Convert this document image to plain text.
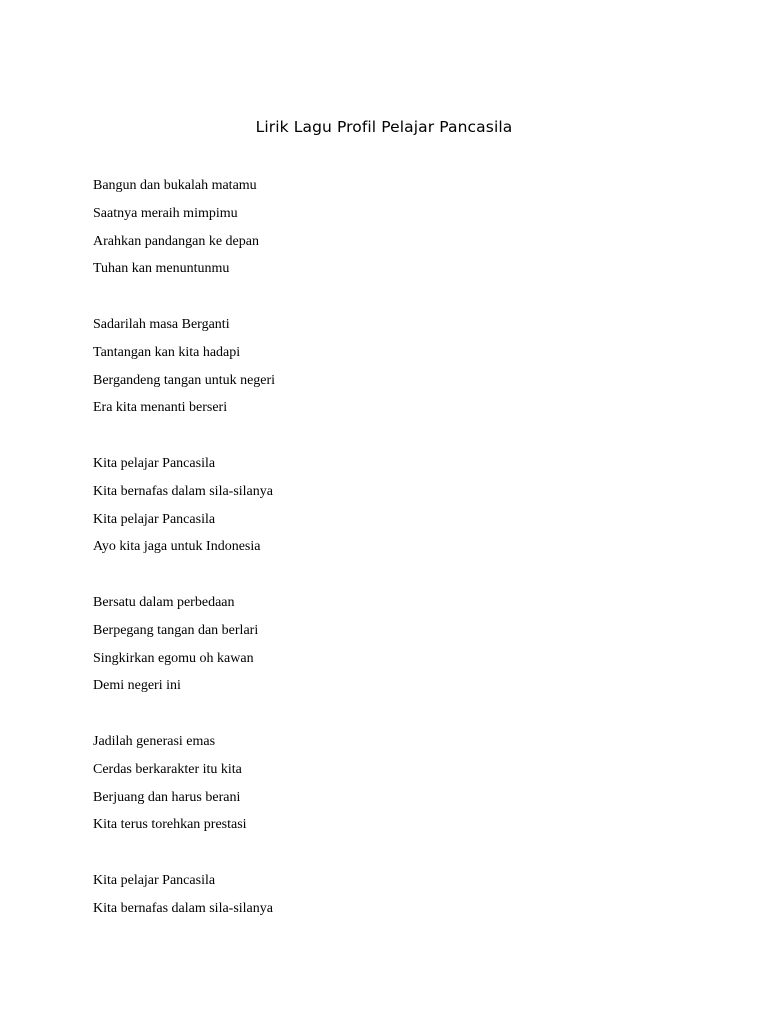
Lirik Lagu Profil Pelajar Pancasila
Bangun dan bukalah matamu
Saatnya meraih mimpimu
Arahkan pandangan ke depan
Tuhan kan menuntunmu
Sadarilah masa Berganti
Tantangan kan kita hadapi
Bergandeng tangan untuk negeri
Era kita menanti berseri
Kita pelajar Pancasila
Kita bernafas dalam sila-silanya
Kita pelajar Pancasila
Ayo kita jaga untuk Indonesia
Bersatu dalam perbedaan
Berpegang tangan dan berlari
Singkirkan egomu oh kawan
Demi negeri ini
Jadilah generasi emas
Cerdas berkarakter itu kita
Berjuang dan harus berani
Kita terus torehkan prestasi
Kita pelajar Pancasila
Kita bernafas dalam sila-silanya
